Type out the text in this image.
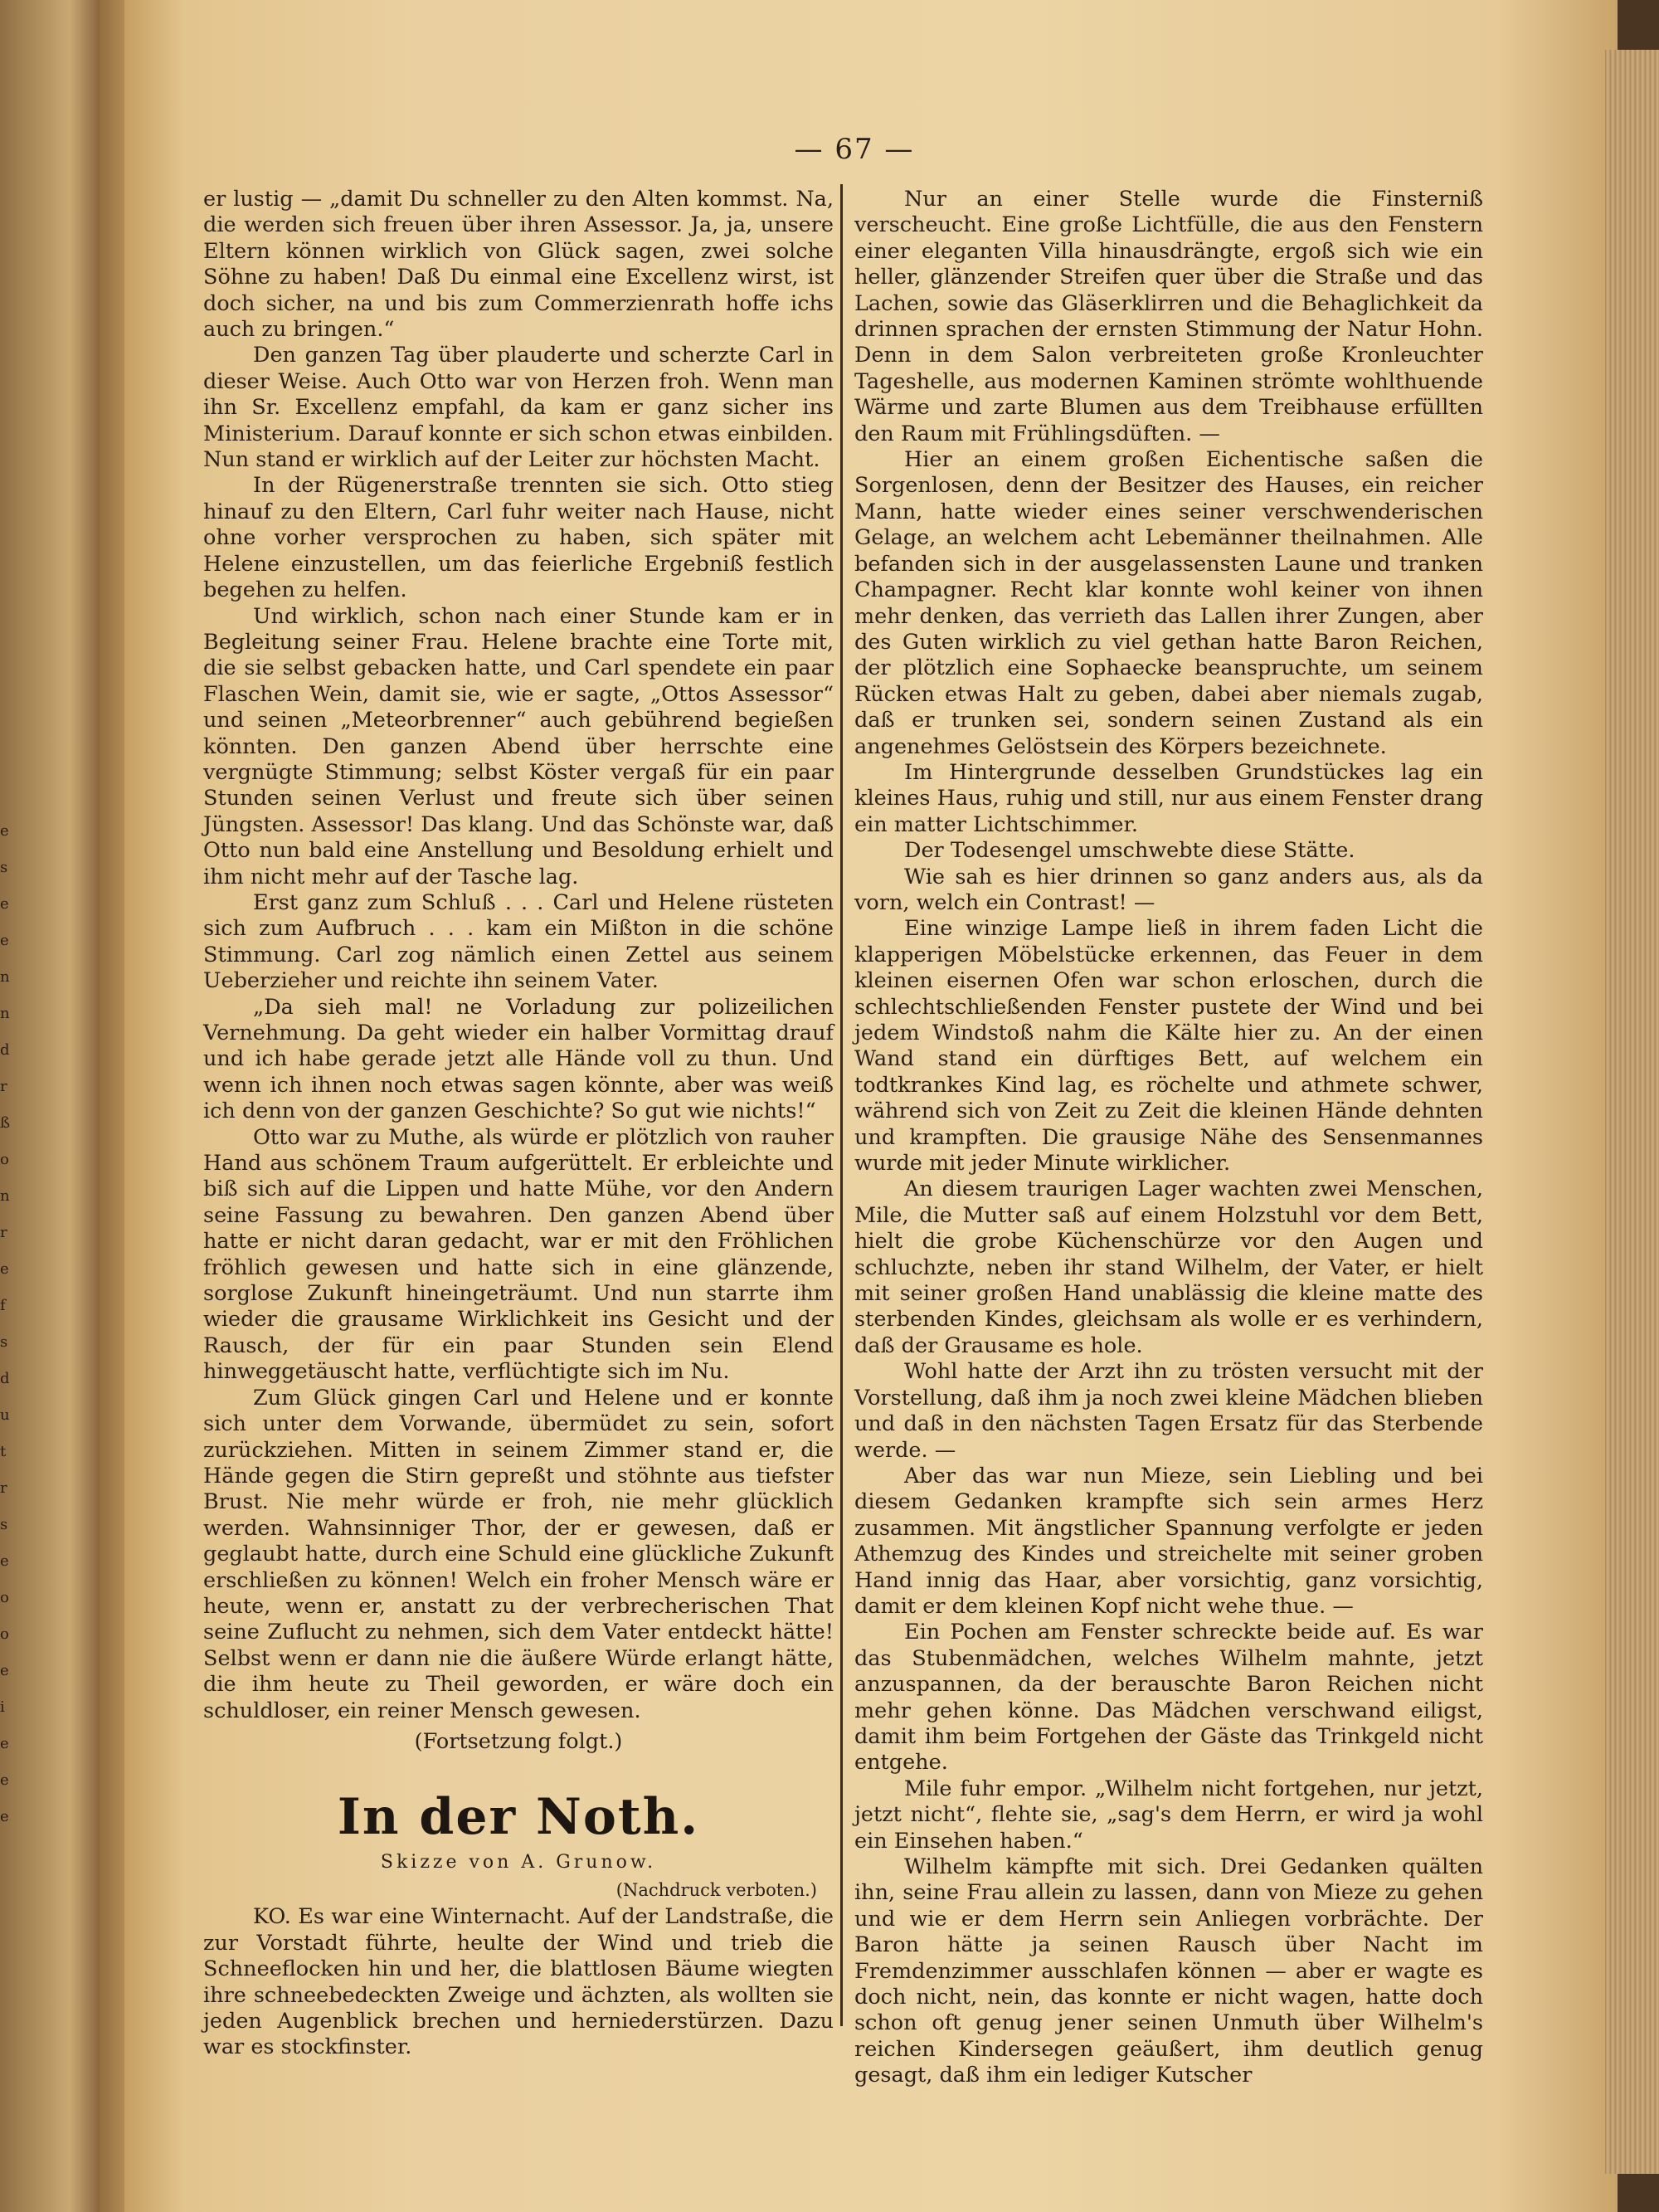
e
s
e
e
n
n
d
r
ß
o
n
r
e
f
s
d
u
t
r
s
e
o
o
e
i
e
e
e
— 67 —

er lustig — „damit Du schneller zu den Alten kommst. Na, die werden sich freuen über ihren Assessor. Ja, ja, unsere Eltern können wirklich von Glück sagen, zwei solche Söhne zu haben! Daß Du einmal eine Excellenz wirst, ist doch sicher, na und bis zum Commerzienrath hoffe ichs auch zu bringen.“

Den ganzen Tag über plauderte und scherzte Carl in dieser Weise. Auch Otto war von Herzen froh. Wenn man ihn Sr. Excellenz empfahl, da kam er ganz sicher ins Ministerium. Darauf konnte er sich schon etwas einbilden. Nun stand er wirklich auf der Leiter zur höchsten Macht.

In der Rügenerstraße trennten sie sich. Otto stieg hinauf zu den Eltern, Carl fuhr weiter nach Hause, nicht ohne vorher versprochen zu haben, sich später mit Helene einzustellen, um das feierliche Ergebniß festlich begehen zu helfen.

Und wirklich, schon nach einer Stunde kam er in Begleitung seiner Frau. Helene brachte eine Torte mit, die sie selbst gebacken hatte, und Carl spendete ein paar Flaschen Wein, damit sie, wie er sagte, „Ottos Assessor“ und seinen „Meteorbrenner“ auch gebührend begießen könnten. Den ganzen Abend über herrschte eine vergnügte Stimmung; selbst Köster vergaß für ein paar Stunden seinen Verlust und freute sich über seinen Jüngsten. Assessor! Das klang. Und das Schönste war, daß Otto nun bald eine Anstellung und Besoldung erhielt und ihm nicht mehr auf der Tasche lag.

Erst ganz zum Schluß . . . Carl und Helene rüsteten sich zum Aufbruch . . . kam ein Mißton in die schöne Stimmung. Carl zog nämlich einen Zettel aus seinem Ueberzieher und reichte ihn seinem Vater.

„Da sieh mal! ne Vorladung zur polizeilichen Vernehmung. Da geht wieder ein halber Vormittag drauf und ich habe gerade jetzt alle Hände voll zu thun. Und wenn ich ihnen noch etwas sagen könnte, aber was weiß ich denn von der ganzen Geschichte? So gut wie nichts!“

Otto war zu Muthe, als würde er plötzlich von rauher Hand aus schönem Traum aufgerüttelt. Er erbleichte und biß sich auf die Lippen und hatte Mühe, vor den Andern seine Fassung zu bewahren. Den ganzen Abend über hatte er nicht daran gedacht, war er mit den Fröhlichen fröhlich gewesen und hatte sich in eine glänzende, sorglose Zukunft hineingeträumt. Und nun starrte ihm wieder die grausame Wirklichkeit ins Gesicht und der Rausch, der für ein paar Stunden sein Elend hinweggetäuscht hatte, verflüchtigte sich im Nu.

Zum Glück gingen Carl und Helene und er konnte sich unter dem Vorwande, übermüdet zu sein, sofort zurückziehen. Mitten in seinem Zimmer stand er, die Hände gegen die Stirn gepreßt und stöhnte aus tiefster Brust. Nie mehr würde er froh, nie mehr glücklich werden. Wahnsinniger Thor, der er gewesen, daß er geglaubt hatte, durch eine Schuld eine glückliche Zukunft erschließen zu können! Welch ein froher Mensch wäre er heute, wenn er, anstatt zu der verbrecherischen That seine Zuflucht zu nehmen, sich dem Vater entdeckt hätte! Selbst wenn er dann nie die äußere Würde erlangt hätte, die ihm heute zu Theil geworden, er wäre doch ein schuldloser, ein reiner Mensch gewesen.

(Fortsetzung folgt.)

In der Noth.
Skizze von A. Grunow.
(Nachdruck verboten.)

KO. Es war eine Winternacht. Auf der Landstraße, die zur Vorstadt führte, heulte der Wind und trieb die Schneeflocken hin und her, die blattlosen Bäume wiegten ihre schneebedeckten Zweige und ächzten, als wollten sie jeden Augenblick brechen und herniederstürzen. Dazu war es stockfinster.

Nur an einer Stelle wurde die Finsterniß verscheucht. Eine große Lichtfülle, die aus den Fenstern einer eleganten Villa hinausdrängte, ergoß sich wie ein heller, glänzender Streifen quer über die Straße und das Lachen, sowie das Gläserklirren und die Behaglichkeit da drinnen sprachen der ernsten Stimmung der Natur Hohn. Denn in dem Salon verbreiteten große Kronleuchter Tageshelle, aus modernen Kaminen strömte wohlthuende Wärme und zarte Blumen aus dem Treibhause erfüllten den Raum mit Frühlingsdüften. —

Hier an einem großen Eichentische saßen die Sorgenlosen, denn der Besitzer des Hauses, ein reicher Mann, hatte wieder eines seiner verschwenderischen Gelage, an welchem acht Lebemänner theilnahmen. Alle befanden sich in der ausgelassensten Laune und tranken Champagner. Recht klar konnte wohl keiner von ihnen mehr denken, das verrieth das Lallen ihrer Zungen, aber des Guten wirklich zu viel gethan hatte Baron Reichen, der plötzlich eine Sophaecke beanspruchte, um seinem Rücken etwas Halt zu geben, dabei aber niemals zugab, daß er trunken sei, sondern seinen Zustand als ein angenehmes Gelöstsein des Körpers bezeichnete.

Im Hintergrunde desselben Grundstückes lag ein kleines Haus, ruhig und still, nur aus einem Fenster drang ein matter Lichtschimmer.

Der Todesengel umschwebte diese Stätte.

Wie sah es hier drinnen so ganz anders aus, als da vorn, welch ein Contrast! —

Eine winzige Lampe ließ in ihrem faden Licht die klapperigen Möbelstücke erkennen, das Feuer in dem kleinen eisernen Ofen war schon erloschen, durch die schlechtschließenden Fenster pustete der Wind und bei jedem Windstoß nahm die Kälte hier zu. An der einen Wand stand ein dürftiges Bett, auf welchem ein todtkrankes Kind lag, es röchelte und athmete schwer, während sich von Zeit zu Zeit die kleinen Hände dehnten und krampften. Die grausige Nähe des Sensenmannes wurde mit jeder Minute wirklicher.

An diesem traurigen Lager wachten zwei Menschen, Mile, die Mutter saß auf einem Holzstuhl vor dem Bett, hielt die grobe Küchenschürze vor den Augen und schluchzte, neben ihr stand Wilhelm, der Vater, er hielt mit seiner großen Hand unablässig die kleine matte des sterbenden Kindes, gleichsam als wolle er es verhindern, daß der Grausame es hole.

Wohl hatte der Arzt ihn zu trösten versucht mit der Vorstellung, daß ihm ja noch zwei kleine Mädchen blieben und daß in den nächsten Tagen Ersatz für das Sterbende werde. —

Aber das war nun Mieze, sein Liebling und bei diesem Gedanken krampfte sich sein armes Herz zusammen. Mit ängstlicher Spannung verfolgte er jeden Athemzug des Kindes und streichelte mit seiner groben Hand innig das Haar, aber vorsichtig, ganz vorsichtig, damit er dem kleinen Kopf nicht wehe thue. —

Ein Pochen am Fenster schreckte beide auf. Es war das Stubenmädchen, welches Wilhelm mahnte, jetzt anzuspannen, da der berauschte Baron Reichen nicht mehr gehen könne. Das Mädchen verschwand eiligst, damit ihm beim Fortgehen der Gäste das Trinkgeld nicht entgehe.

Mile fuhr empor. „Wilhelm nicht fortgehen, nur jetzt, jetzt nicht“, flehte sie, „sag's dem Herrn, er wird ja wohl ein Einsehen haben.“

Wilhelm kämpfte mit sich. Drei Gedanken quälten ihn, seine Frau allein zu lassen, dann von Mieze zu gehen und wie er dem Herrn sein Anliegen vorbrächte. Der Baron hätte ja seinen Rausch über Nacht im Fremdenzimmer ausschlafen können — aber er wagte es doch nicht, nein, das konnte er nicht wagen, hatte doch schon oft genug jener seinen Unmuth über Wilhelm's reichen Kindersegen geäußert, ihm deutlich genug gesagt, daß ihm ein lediger Kutscher
